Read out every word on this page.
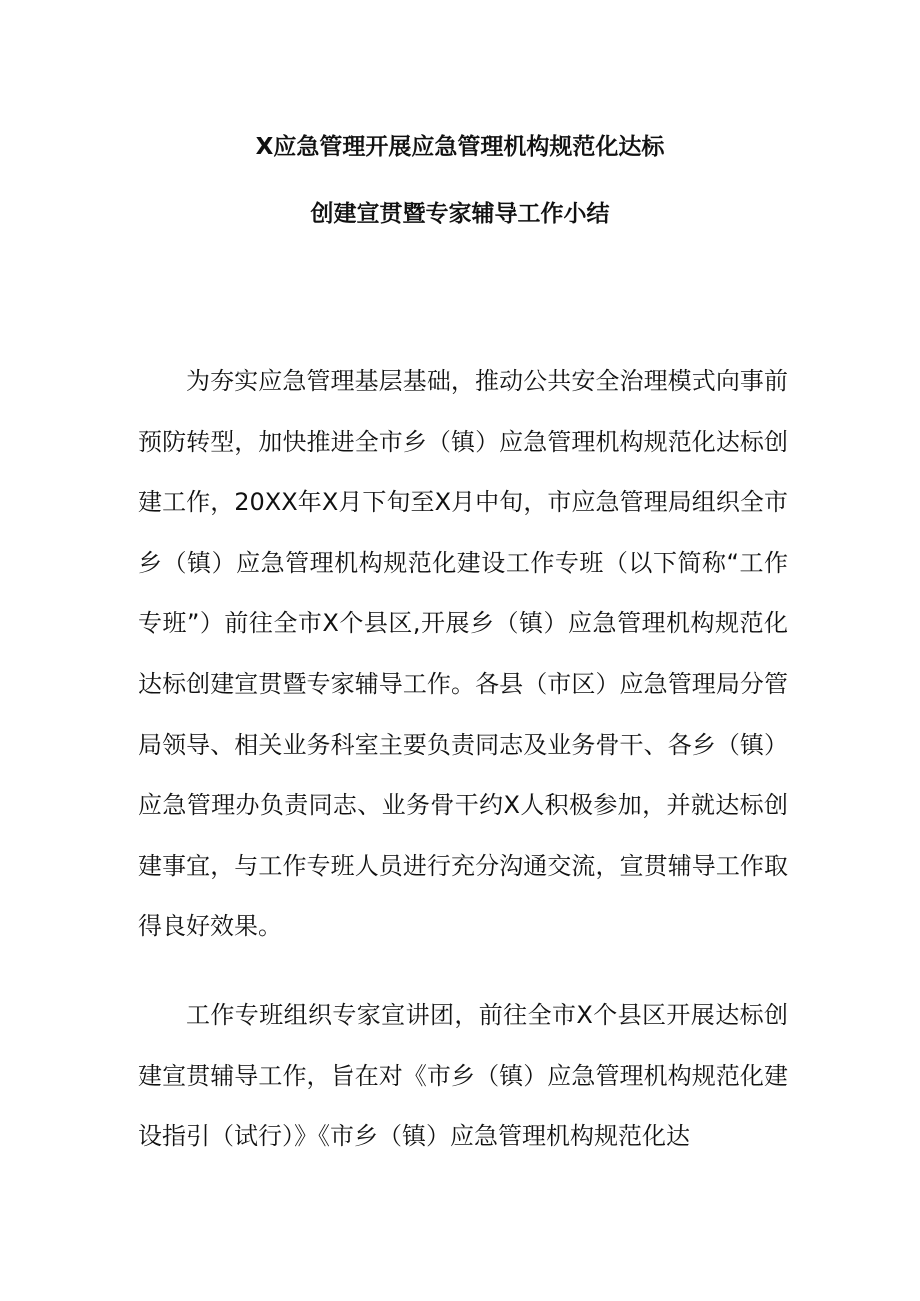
X应急管理开展应急管理机构规范化达标
创建宣贯暨专家辅导工作小结

为夯实应急管理基层基础，推动公共安全治理模式向事前预防转型，加快推进全市乡（镇）应急管理机构规范化达标创建工作，20XX年X月下旬至X月中旬，市应急管理局组织全市乡（镇）应急管理机构规范化建设工作专班（以下简称“工作专班”）前往全市X个县区,开展乡（镇）应急管理机构规范化达标创建宣贯暨专家辅导工作。各县（市区）应急管理局分管局领导、相关业务科室主要负责同志及业务骨干、各乡（镇）应急管理办负责同志、业务骨干约X人积极参加，并就达标创建事宜，与工作专班人员进行充分沟通交流，宣贯辅导工作取得良好效果。

工作专班组织专家宣讲团，前往全市X个县区开展达标创建宣贯辅导工作，旨在对《市乡（镇）应急管理机构规范化建设指引（试行）》《市乡（镇）应急管理机构规范化达
